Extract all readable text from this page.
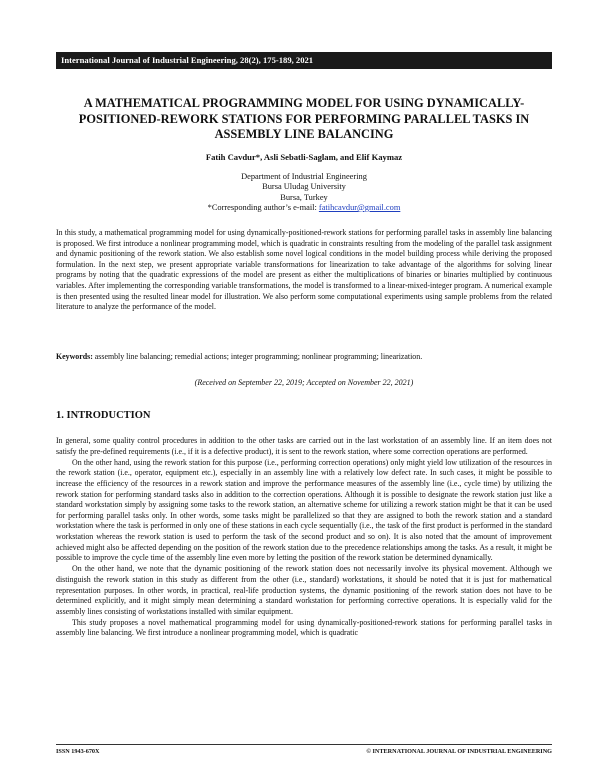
International Journal of Industrial Engineering, 28(2), 175-189, 2021
A MATHEMATICAL PROGRAMMING MODEL FOR USING DYNAMICALLY-POSITIONED-REWORK STATIONS FOR PERFORMING PARALLEL TASKS IN ASSEMBLY LINE BALANCING
Fatih Cavdur*, Asli Sebatli-Saglam, and Elif Kaymaz
Department of Industrial Engineering
Bursa Uludag University
Bursa, Turkey
*Corresponding author’s e-mail: fatihcavdur@gmail.com
In this study, a mathematical programming model for using dynamically-positioned-rework stations for performing parallel tasks in assembly line balancing is proposed. We first introduce a nonlinear programming model, which is quadratic in constraints resulting from the modeling of the parallel task assignment and dynamic positioning of the rework station. We also establish some novel logical conditions in the model building process while deriving the proposed formulation. In the next step, we present appropriate variable transformations for linearization to take advantage of the algorithms for solving linear programs by noting that the quadratic expressions of the model are present as either the multiplications of binaries or binaries multiplied by continuous variables. After implementing the corresponding variable transformations, the model is transformed to a linear-mixed-integer program. A numerical example is then presented using the resulted linear model for illustration. We also perform some computational experiments using sample problems from the related literature to analyze the performance of the model.
Keywords: assembly line balancing; remedial actions; integer programming; nonlinear programming; linearization.
(Received on September 22, 2019; Accepted on November 22, 2021)
1. INTRODUCTION

In general, some quality control procedures in addition to the other tasks are carried out in the last workstation of an assembly line. If an item does not satisfy the pre-defined requirements (i.e., if it is a defective product), it is sent to the rework station, where some correction operations are performed.

On the other hand, using the rework station for this purpose (i.e., performing correction operations) only might yield low utilization of the resources in the rework station (i.e., operator, equipment etc.), especially in an assembly line with a relatively low defect rate. In such cases, it might be possible to increase the efficiency of the resources in a rework station and improve the performance measures of the assembly line (i.e., cycle time) by utilizing the rework station for performing standard tasks also in addition to the correction operations. Although it is possible to designate the rework station just like a standard workstation simply by assigning some tasks to the rework station, an alternative scheme for utilizing a rework station might be that it can be used for performing parallel tasks only. In other words, some tasks might be parallelized so that they are assigned to both the rework station and a standard workstation where the task is performed in only one of these stations in each cycle sequentially (i.e., the task of the first product is performed in the standard workstation whereas the rework station is used to perform the task of the second product and so on). It is also noted that the amount of improvement achieved might also be affected depending on the position of the rework station due to the precedence relationships among the tasks. As a result, it might be possible to improve the cycle time of the assembly line even more by letting the position of the rework station be determined dynamically.

On the other hand, we note that the dynamic positioning of the rework station does not necessarily involve its physical movement. Although we distinguish the rework station in this study as different from the other (i.e., standard) workstations, it should be noted that it is just for mathematical representation purposes. In other words, in practical, real-life production systems, the dynamic positioning of the rework station does not have to be determined explicitly, and it might simply mean determining a standard workstation for performing corrective operations. It is especially valid for the assembly lines consisting of workstations installed with similar equipment.

This study proposes a novel mathematical programming model for using dynamically-positioned-rework stations for performing parallel tasks in assembly line balancing. We first introduce a nonlinear programming model, which is quadratic

ISSN 1943-670X	© INTERNATIONAL JOURNAL OF INDUSTRIAL ENGINEERING
